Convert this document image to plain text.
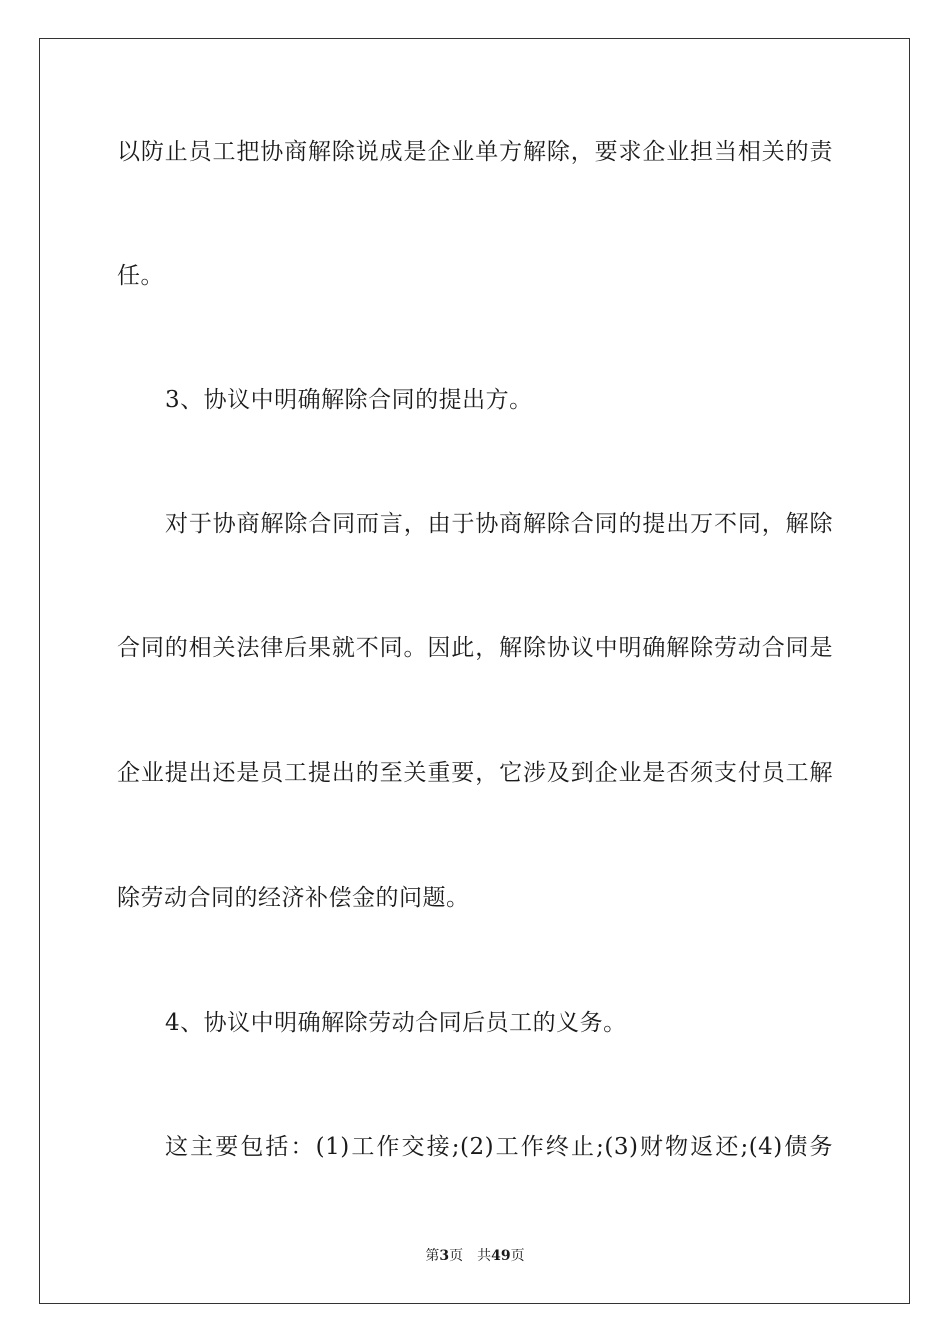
以防止员工把协商解除说成是企业单方解除，要求企业担当相关的责
任。
3、协议中明确解除合同的提出方。
对于协商解除合同而言，由于协商解除合同的提出万不同，解除
合同的相关法律后果就不同。因此，解除协议中明确解除劳动合同是
企业提出还是员工提出的至关重要，它涉及到企业是否须支付员工解
除劳动合同的经济补偿金的问题。
4、协议中明确解除劳动合同后员工的义务。
这主要包括：(1)工作交接;(2)工作终止;(3)财物返还;(4)债务
第3页 共49页
